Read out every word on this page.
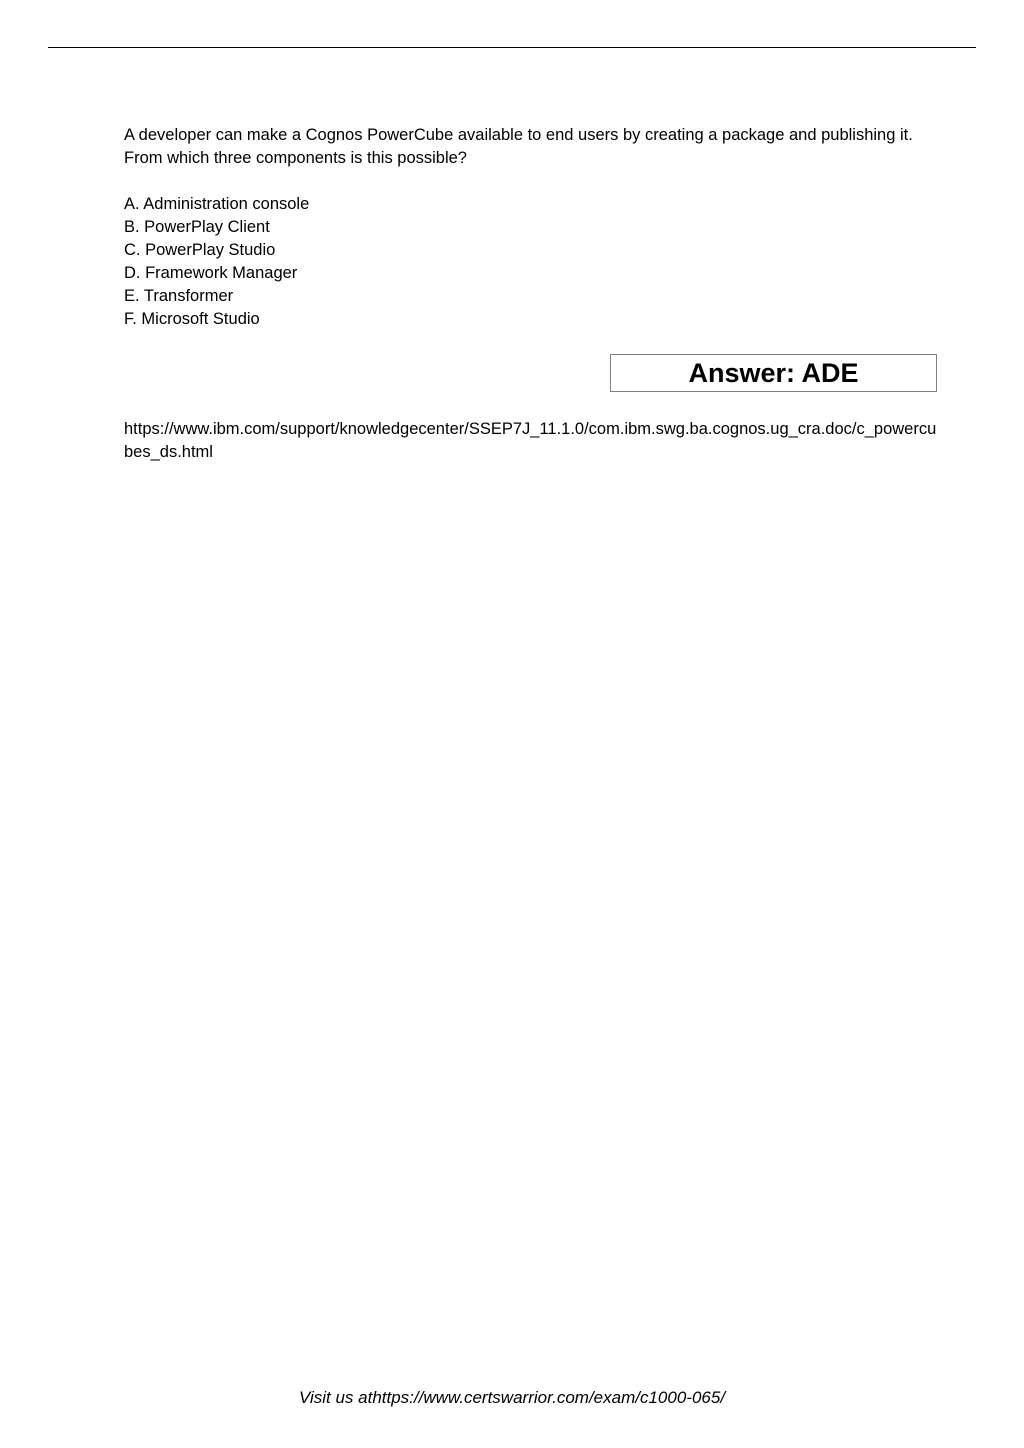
A developer can make a Cognos PowerCube available to end users by creating a package and publishing it. From which three components is this possible?

A. Administration console
B. PowerPlay Client
C. PowerPlay Studio
D. Framework Manager
E. Transformer
F. Microsoft Studio
Answer: ADE
https://www.ibm.com/support/knowledgecenter/SSEP7J_11.1.0/com.ibm.swg.ba.cognos.ug_cra.doc/c_powercubes_ds.html
Visit us athttps://www.certswarrior.com/exam/c1000-065/
